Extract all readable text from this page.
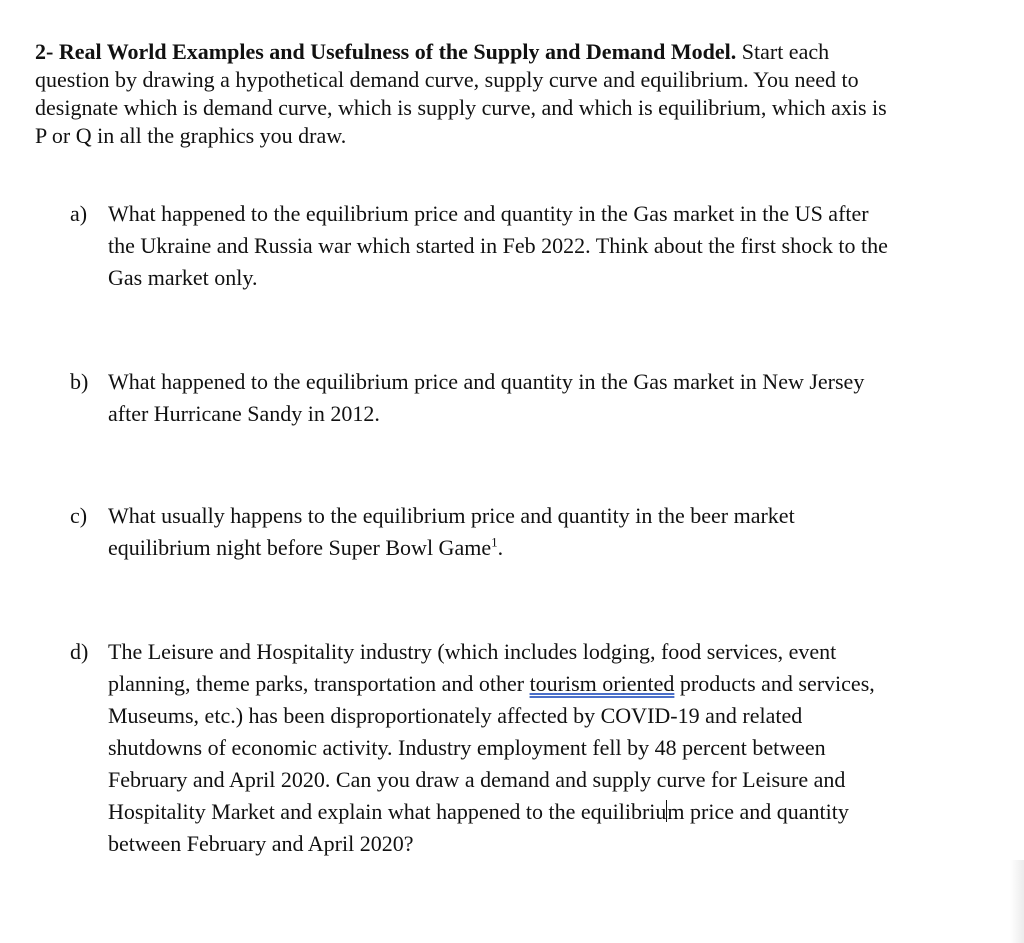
2- Real World Examples and Usefulness of the Supply and Demand Model. Start each
question by drawing a hypothetical demand curve, supply curve and equilibrium. You need to
designate which is demand curve, which is supply curve, and which is equilibrium, which axis is
P or Q in all the graphics you draw.

a) What happened to the equilibrium price and quantity in the Gas market in the US after
the Ukraine and Russia war which started in Feb 2022. Think about the first shock to the
Gas market only.
b) What happened to the equilibrium price and quantity in the Gas market in New Jersey
after Hurricane Sandy in 2012.
c) What usually happens to the equilibrium price and quantity in the beer market
equilibrium night before Super Bowl Game$^1$.
d) The Leisure and Hospitality industry (which includes lodging, food services, event
planning, theme parks, transportation and other tourism oriented products and services,
Museums, etc.) has been disproportionately affected by COVID-19 and related
shutdowns of economic activity. Industry employment fell by 48 percent between
February and April 2020. Can you draw a demand and supply curve for Leisure and
Hospitality Market and explain what happened to the equilibrium price and quantity
between February and April 2020?
